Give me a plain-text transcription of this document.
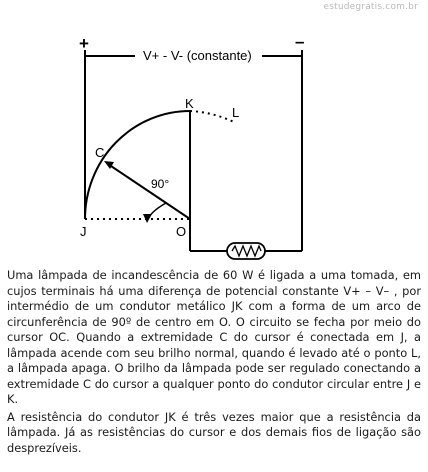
estudegratis.com.br
+	–
V+ - V- (constante)
K
L
C
J	O
90°

Uma lâmpada de incandescência de 60 W é ligada a uma tomada, em cujos terminais há uma diferença de potencial constante V+ – V– , por intermédio de um condutor metálico JK com a forma de um arco de circunferência de 90º de centro em O. O circuito se fecha por meio do cursor OC. Quando a extremidade C do cursor é conectada em J, a lâmpada acende com seu brilho normal, quando é levado até o ponto L, a lâmpada apaga. O brilho da lâmpada pode ser regulado conectando a extremidade C do cursor a qualquer ponto do condutor circular entre J e K.

A resistência do condutor JK é três vezes maior que a resistência da lâmpada. Já as resistências do cursor e dos demais fios de ligação são desprezíveis.
